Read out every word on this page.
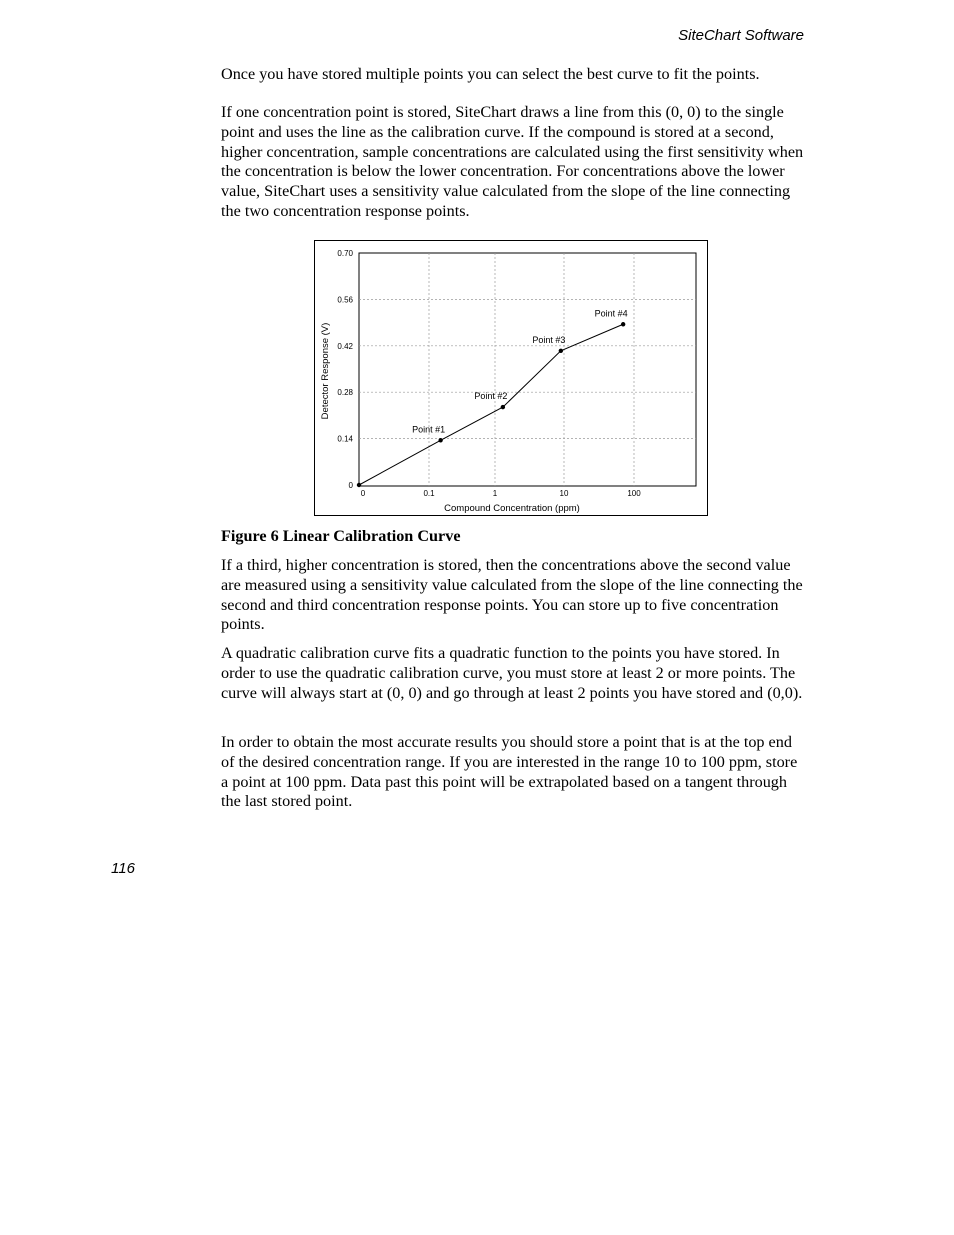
SiteChart Software

Once you have stored multiple points you can select the best curve to fit the points.

If one concentration point is stored, SiteChart draws a line from this (0, 0) to the single point and uses the line as the calibration curve. If the compound is stored at a second, higher concentration, sample concentrations are calculated using the first sensitivity when the concentration is below the lower concentration. For concentrations above the lower value, SiteChart uses a sensitivity value calculated from the slope of the line connecting the two concentration response points.

0
0.14
0.28
0.42
0.56
0.70
0	0.1	1	10	100
Compound Concentration (ppm)
Detector Response (V)
Point #1
Point #2
Point #3
Point #4
Figure 6 Linear Calibration Curve

If a third, higher concentration is stored, then the concentrations above the second value are measured using a sensitivity value calculated from the slope of the line connecting the second and third concentration response points. You can store up to five concentration points.

A quadratic calibration curve fits a quadratic function to the points you have stored. In order to use the quadratic calibration curve, you must store at least 2 or more points. The curve will always start at (0, 0) and go through at least 2 points you have stored and (0,0).

In order to obtain the most accurate results you should store a point that is at the top end of the desired concentration range. If you are interested in the range 10 to 100 ppm, store a point at 100 ppm. Data past this point will be extrapolated based on a tangent through the last stored point.

116
